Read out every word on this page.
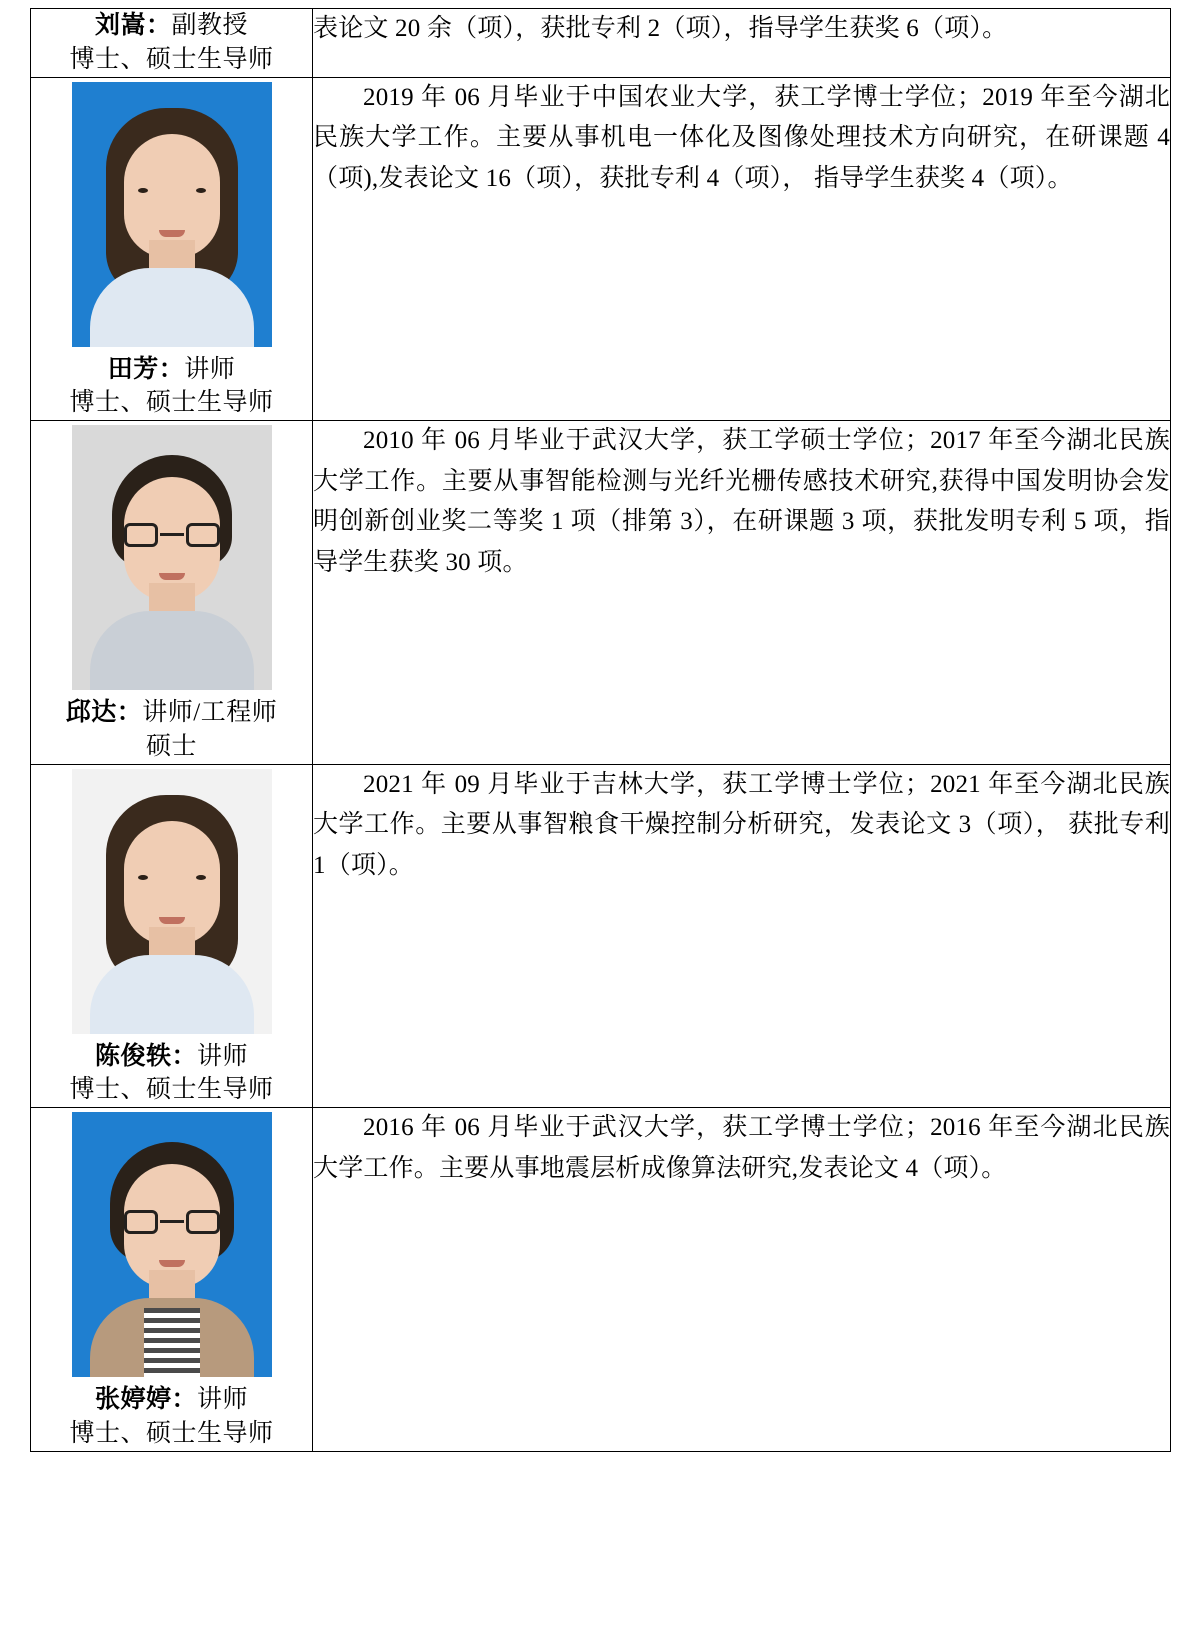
刘嵩：副教授
博士、硕士生导师	表论文 20 余（项），获批专利 2（项），指导学生获奖 6（项）。

田芳：讲师
博士、硕士生导师	2019 年 06 月毕业于中国农业大学，获工学博士学位；2019 年至今湖北民族大学工作。主要从事机电一体化及图像处理技术方向研究，在研课题 4（项),发表论文 16（项），获批专利 4（项）， 指导学生获奖 4（项）。

邱达：讲师/工程师
硕士	2010 年 06 月毕业于武汉大学，获工学硕士学位；2017 年至今湖北民族大学工作。主要从事智能检测与光纤光栅传感技术研究,获得中国发明协会发明创新创业奖二等奖 1 项（排第 3），在研课题 3 项，获批发明专利 5 项，指导学生获奖 30 项。

陈俊轶：讲师
博士、硕士生导师	2021 年 09 月毕业于吉林大学，获工学博士学位；2021 年至今湖北民族大学工作。主要从事智粮食干燥控制分析研究，发表论文 3（项）， 获批专利 1（项）。

张婷婷：讲师
博士、硕士生导师	2016 年 06 月毕业于武汉大学，获工学博士学位；2016 年至今湖北民族大学工作。主要从事地震层析成像算法研究,发表论文 4（项）。
